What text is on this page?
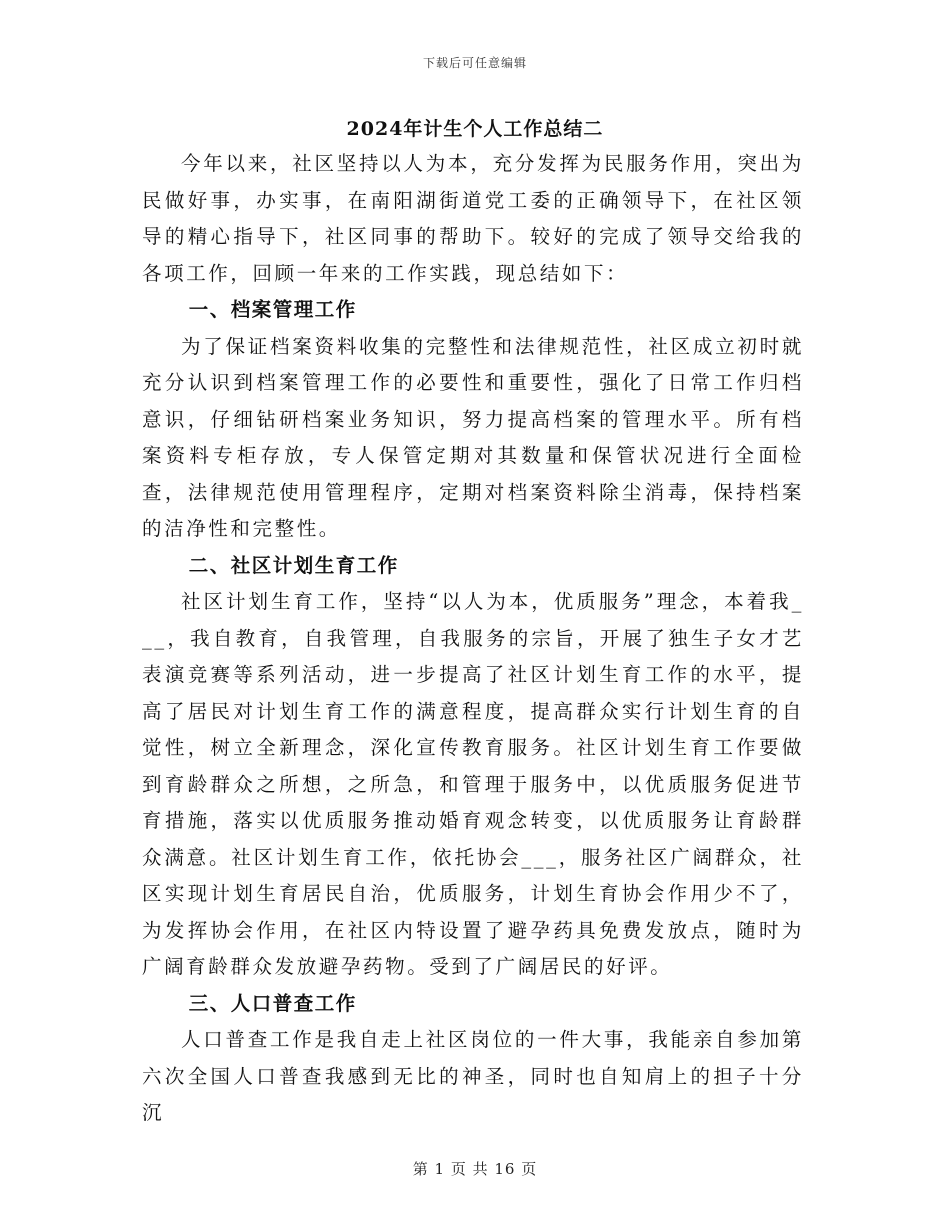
下载后可任意编辑
2024年计生个人工作总结二

今年以来，社区坚持以人为本，充分发挥为民服务作用，突出为民做好事，办实事，在南阳湖街道党工委的正确领导下，在社区领导的精心指导下，社区同事的帮助下。较好的完成了领导交给我的各项工作，回顾一年来的工作实践，现总结如下：

一、档案管理工作

为了保证档案资料收集的完整性和法律规范性，社区成立初时就充分认识到档案管理工作的必要性和重要性，强化了日常工作归档意识，仔细钻研档案业务知识，努力提高档案的管理水平。所有档案资料专柜存放，专人保管定期对其数量和保管状况进行全面检查，法律规范使用管理程序，定期对档案资料除尘消毒，保持档案的洁净性和完整性。

二、社区计划生育工作

社区计划生育工作，坚持“以人为本，优质服务”理念，本着我___，我自教育，自我管理，自我服务的宗旨，开展了独生子女才艺表演竞赛等系列活动，进一步提高了社区计划生育工作的水平，提高了居民对计划生育工作的满意程度，提高群众实行计划生育的自觉性，树立全新理念，深化宣传教育服务。社区计划生育工作要做到育龄群众之所想，之所急，和管理于服务中，以优质服务促进节育措施，落实以优质服务推动婚育观念转变，以优质服务让育龄群众满意。社区计划生育工作，依托协会___，服务社区广阔群众，社区实现计划生育居民自治，优质服务，计划生育协会作用少不了，为发挥协会作用，在社区内特设置了避孕药具免费发放点，随时为广阔育龄群众发放避孕药物。受到了广阔居民的好评。

三、人口普查工作

人口普查工作是我自走上社区岗位的一件大事，我能亲自参加第六次全国人口普查我感到无比的神圣，同时也自知肩上的担子十分沉

第 1 页 共 16 页
